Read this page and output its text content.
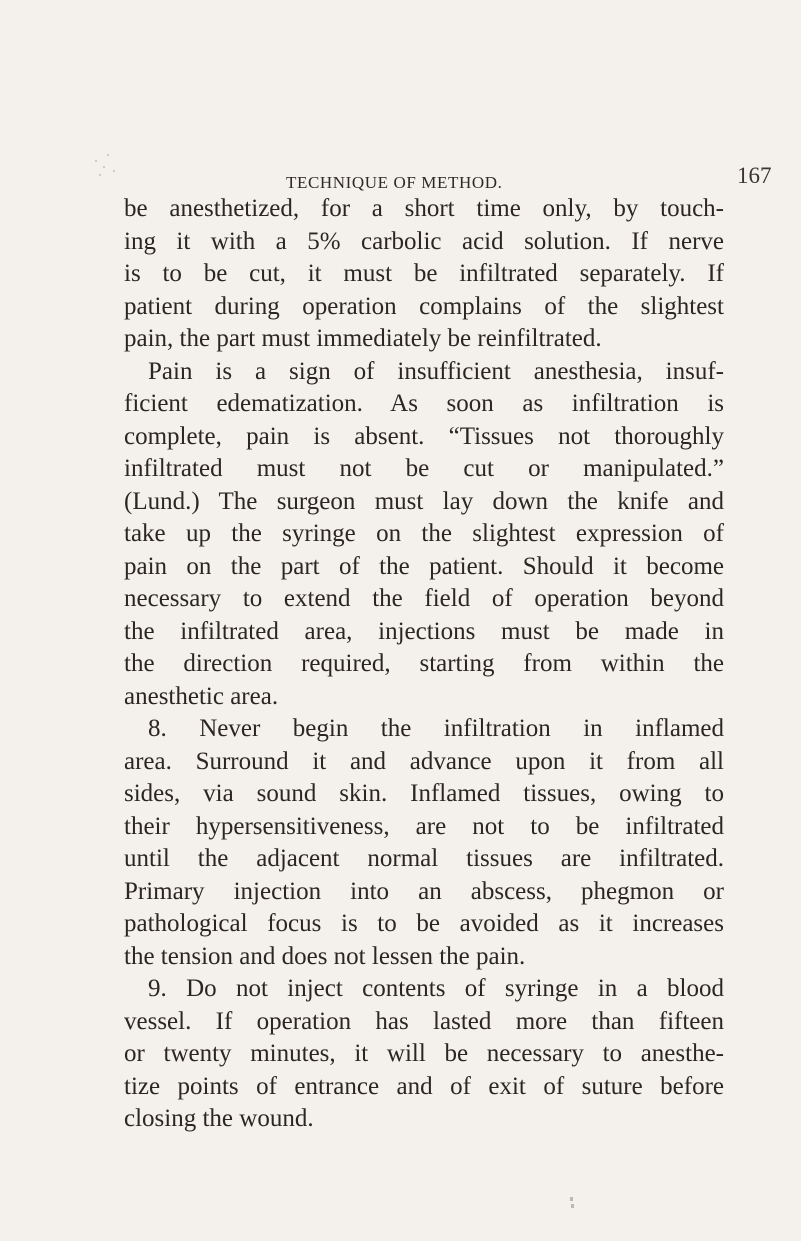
TECHNIQUE OF METHOD.	167
be anesthetized, for a short time only, by touch-
ing it with a 5% carbolic acid solution. If nerve
is to be cut, it must be infiltrated separately. If
patient during operation complains of the slightest
pain, the part must immediately be reinfiltrated.
Pain is a sign of insufficient anesthesia, insuf-
ficient edematization. As soon as infiltration is
complete, pain is absent. “Tissues not thoroughly
infiltrated must not be cut or manipulated.”
(Lund.) The surgeon must lay down the knife and
take up the syringe on the slightest expression of
pain on the part of the patient. Should it become
necessary to extend the field of operation beyond
the infiltrated area, injections must be made in
the direction required, starting from within the
anesthetic area.
8. Never begin the infiltration in inflamed
area. Surround it and advance upon it from all
sides, via sound skin. Inflamed tissues, owing to
their hypersensitiveness, are not to be infiltrated
until the adjacent normal tissues are infiltrated.
Primary injection into an abscess, phegmon or
pathological focus is to be avoided as it increases
the tension and does not lessen the pain.
9. Do not inject contents of syringe in a blood
vessel. If operation has lasted more than fifteen
or twenty minutes, it will be necessary to anesthe-
tize points of entrance and of exit of suture before
closing the wound.
